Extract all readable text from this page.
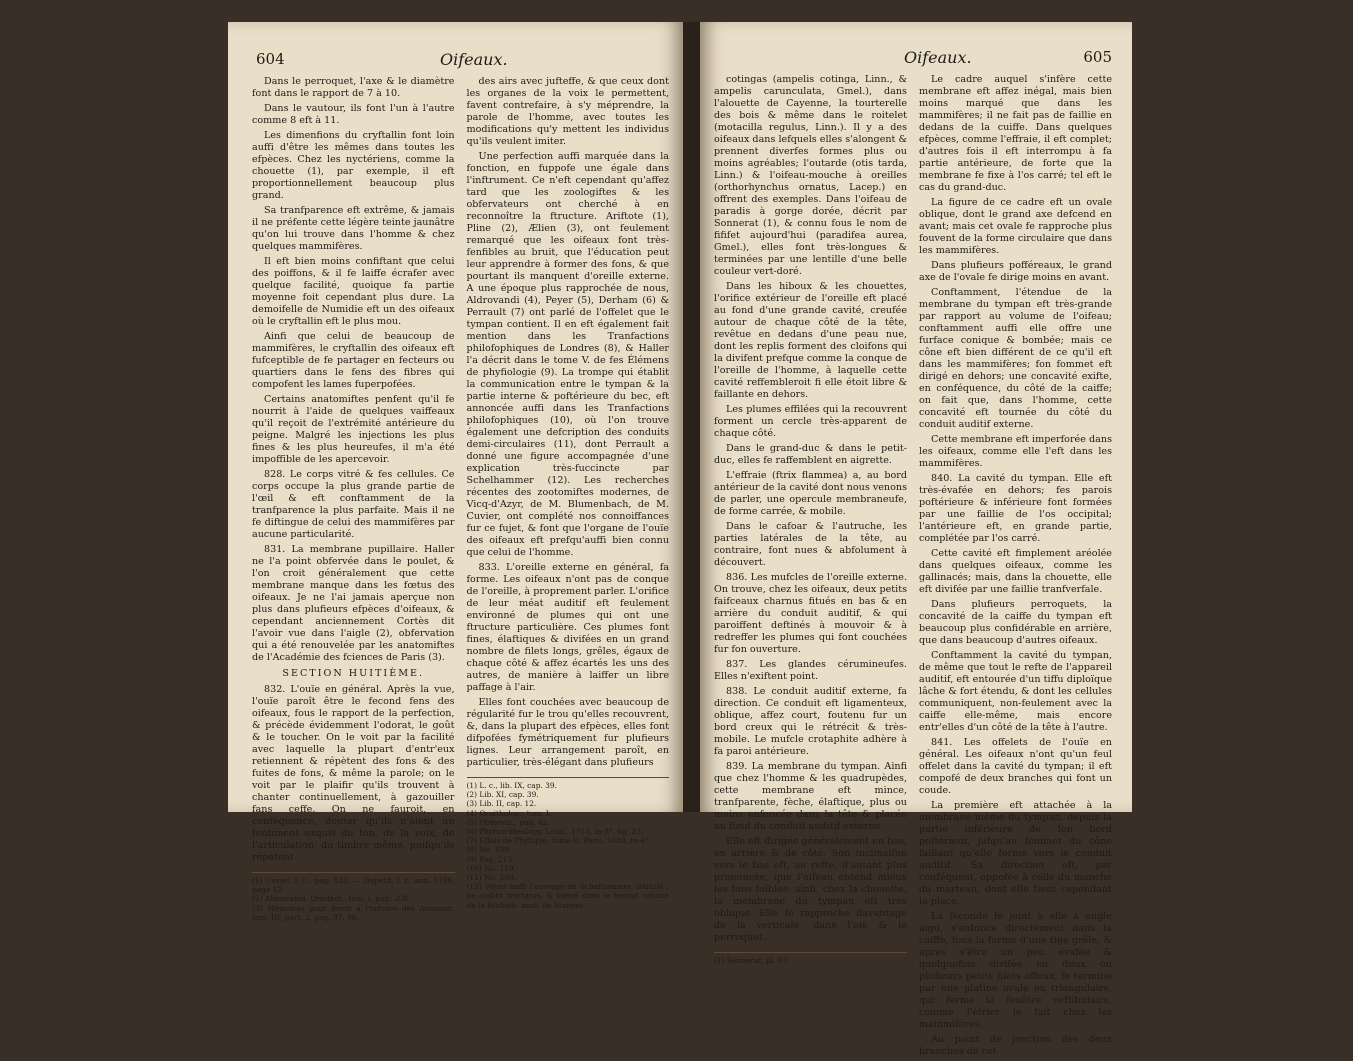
604	Oifeaux.

Dans le perroquet, l'axe & le diamètre font dans le rapport de 7 à 10.

Dans le vautour, ils font l'un à l'autre comme 8 eft à 11.

Les dimenfions du cryftallin font loin auffi d'être les mêmes dans toutes les efpèces. Chez les nyctériens, comme la chouette (1), par exemple, il eft proportionnellement beaucoup plus grand.

Sa tranfparence eft extrême, & jamais il ne préfente cette légère teinte jaunâtre qu'on lui trouve dans l'homme & chez quelques mammifères.

Il eft bien moins confiftant que celui des poiffons, & il fe laiffe écrafer avec quelque facilité, quoique fa partie moyenne foit cependant plus dure. La demoifelle de Numidie eft un des oifeaux où le cryftallin eft le plus mou.

Ainfi que celui de beaucoup de mammifères, le cryftallin des oifeaux eft fufceptible de fe partager en fecteurs ou quartiers dans le fens des fibres qui compofent les lames fuperpofées.

Certains anatomiftes penfent qu'il fe nourrit à l'aide de quelques vaiffeaux qu'il reçoit de l'extrémité antérieure du peigne. Malgré les injections les plus fines & les plus heureufes, il m'a été impoffible de les apercevoir.

828. Le corps vitré & fes cellules. Ce corps occupe la plus grande partie de l'œil & eft conftamment de la tranfparence la plus parfaite. Mais il ne fe diftingue de celui des mammifères par aucune particularité.

831. La membrane pupillaire. Haller ne l'a point obfervée dans le poulet, & l'on croit généralement que cette membrane manque dans les fœtus des oifeaux. Je ne l'ai jamais aperçue non plus dans plufieurs efpèces d'oifeaux, & cependant anciennement Cortès dit l'avoir vue dans l'aigle (2), obfervation qui a été renouvelée par les anatomiftes de l'Académie des fciences de Paris (3).

SECTION HUITIÈME.

832. L'ouïe en général. Après la vue, l'ouïe paroît être le fecond fens des oifeaux, fous le rapport de la perfection, & précède évidemment l'odorat, le goût & le toucher. On le voit par la facilité avec laquelle la plupart d'entr'eux retiennent & répètent des fons & des fuites de fons, & même la parole; on le voit par le plaifir qu'ils trouvent à chanter continuellement, à gazouiller fans ceffe. On ne fauroit, en conféquence, douter qu'ils n'aient un fentiment exquis du ton, de la voix, de l'articulation, du timbre même, puifqu'ils répètent

(1) Cuvier, l. c., pag. 130. — Dupetit, l. c. ann. 1730, page 12.
(2) Aldrovandi, Ornithol., tom. I, pag. 208.
(3) Mémoires pour fervir à l'hiftoire des Animaux, tom. III, part. 2, pag. 97, 98.

des airs avec jufteffe, & que ceux dont les organes de la voix le permettent, favent contrefaire, à s'y méprendre, la parole de l'homme, avec toutes les modifications qu'y mettent les individus qu'ils veulent imiter.

Une perfection auffi marquée dans la fonction, en fuppofe une égale dans l'inftrument. Ce n'eft cependant qu'affez tard que les zoologiftes & les obfervateurs ont cherché à en reconnoître la ftructure. Ariftote (1), Pline (2), Ælien (3), ont feulement remarqué que les oifeaux font très-fenfibles au bruit, que l'éducation peut leur apprendre à former des fons, & que pourtant ils manquent d'oreille externe. A une époque plus rapprochée de nous, Aldrovandi (4), Peyer (5), Derham (6) & Perrault (7) ont parlé de l'offelet que le tympan contient. Il en eft également fait mention dans les Tranfactions philofophiques de Londres (8), & Haller l'a décrit dans le tome V. de fes Élémens de phyfiologie (9). La trompe qui établit la communication entre le tympan & la partie interne & poftérieure du bec, eft annoncée auffi dans les Tranfactions philofophiques (10), où l'on trouve également une defcription des conduits demi-circulaires (11), dont Perrault a donné une figure accompagnée d'une explication très-fuccincte par Schelhammer (12). Les recherches récentes des zootomiftes modernes, de Vicq-d'Azyr, de M. Blumenbach, de M. Cuvier, ont complété nos connoiffances fur ce fujet, & font que l'organe de l'ouïe des oifeaux eft prefqu'auffi bien connu que celui de l'homme.

833. L'oreille externe en général, fa forme. Les oifeaux n'ont pas de conque de l'oreille, à proprement parler. L'orifice de leur méat auditif eft feulement environné de plumes qui ont une ftructure particulière. Ces plumes font fines, élaftiques & divifées en un grand nombre de filets longs, grêles, égaux de chaque côté & affez écartés les uns des autres, de manière à laiffer un libre paffage à l'air.

Elles font couchées avec beaucoup de régularité fur le trou qu'elles recouvrent, &, dans la plupart des efpèces, elles font difpofées fymétriquement fur plufieurs lignes. Leur arrangement paroît, en particulier, très-élégant dans plufieurs

(1) L. c., lib. IX, cap. 39.
(2) Lib. XI, cap. 39.
(3) Lib. II, cap. 12.
(4) Ornitholog., tom. I.
(5) Obfervat., pag. 42.
(6) Phyfico-theology, Lond., 1713, in-8°. fig. 23.
(7) Effais de Phyfique, tome II, Paris, 1680, in-4°.
(8) No. 199.
(9) Pag. 213.
(10) No. 119.
(11) No. 299.
(12) Voyez auffi l'ouvrage de Schelhammer, intitulé : de auditu tractatus, & inféré dans le fecond volume de la Biblioth. anat. de Manget.
Oifeaux.	605

cotingas (ampelis cotinga, Linn., & ampelis carunculata, Gmel.), dans l'alouette de Cayenne, la tourterelle des bois & même dans le roitelet (motacilla regulus, Linn.). Il y a des oifeaux dans lefquels elles s'alongent & prennent diverfes formes plus ou moins agréables; l'outarde (otis tarda, Linn.) & l'oifeau-mouche à oreilles (orthorhynchus ornatus, Lacep.) en offrent des exemples. Dans l'oifeau de paradis à gorge dorée, décrit par Sonnerat (1), & connu fous le nom de fififet aujourd'hui (paradifea aurea, Gmel.), elles font très-longues & terminées par une lentille d'une belle couleur vert-doré.

Dans les hiboux & les chouettes, l'orifice extérieur de l'oreille eft placé au fond d'une grande cavité, creufée autour de chaque côté de la tête, revêtue en dedans d'une peau nue, dont les replis forment des cloifons qui la divifent prefque comme la conque de l'oreille de l'homme, à laquelle cette cavité reffembleroit fi elle étoit libre & faillante en dehors.

Les plumes effilées qui la recouvrent forment un cercle très-apparent de chaque côté.

Dans le grand-duc & dans le petit-duc, elles fe raffemblent en aigrette.

L'effraie (ftrix flammea) a, au bord antérieur de la cavité dont nous venons de parler, une opercule membraneufe, de forme carrée, & mobile.

Dans le cafoar & l'autruche, les parties latérales de la tête, au contraire, font nues & abfolument à découvert.

836. Les mufcles de l'oreille externe. On trouve, chez les oifeaux, deux petits faifceaux charnus fitués en bas & en arrière du conduit auditif, & qui paroiffent deftinés à mouvoir & à redreffer les plumes qui font couchées fur fon ouverture.

837. Les glandes cérumineufes. Elles n'exiftent point.

838. Le conduit auditif externe, fa direction. Ce conduit eft ligamenteux, oblique, affez court, foutenu fur un bord creux qui le rétrécit & très-mobile. Le mufcle crotaphite adhère à fa paroi antérieure.

839. La membrane du tympan. Ainfi que chez l'homme & les quadrupèdes, cette membrane eft mince, tranfparente, fèche, élaftique, plus ou moins enfoncée dans la tête & placée au fond du conduit auditif externe.

Elle eft dirigée généralement en bas, en arrière & de côté. Son inclinaifon vers le bas eft, au refte, d'autant plus prononcée, que l'oifeau entend mieux les fons foibles; ainfi, chez la chouette, la membrane du tympan eft très oblique. Elle fe rapproche davantage de la verticale, dans l'oie & le perroquet.

(1) Sonnerat, pl. 97.

Le cadre auquel s'infère cette membrane eft affez inégal, mais bien moins marqué que dans les mammifères; il ne fait pas de faillie en dedans de la cuiffe. Dans quelques efpèces, comme l'effraie, il eft complet; d'autres fois il eft interrompu à fa partie antérieure, de forte que la membrane fe fixe à l'os carré; tel eft le cas du grand-duc.

La figure de ce cadre eft un ovale oblique, dont le grand axe defcend en avant; mais cet ovale fe rapproche plus fouvent de la forme circulaire que dans les mammifères.

Dans plufieurs pofféreaux, le grand axe de l'ovale fe dirige moins en avant.

Conftamment, l'étendue de la membrane du tympan eft très-grande par rapport au volume de l'oifeau; conftamment auffi elle offre une furface conique & bombée; mais ce cône eft bien différent de ce qu'il eft dans les mammifères; fon fommet eft dirigé en dehors; une concavité exifte, en conféquence, du côté de la caiffe; on fait que, dans l'homme, cette concavité eft tournée du côté du conduit auditif externe.

Cette membrane eft imperforée dans les oifeaux, comme elle l'eft dans les mammifères.

840. La cavité du tympan. Elle eft très-évafée en dehors; fes parois poftérieure & inférieure font formées par une faillie de l'os occipital; l'antérieure eft, en grande partie, complétée par l'os carré.

Cette cavité eft fimplement aréolée dans quelques oifeaux, comme les gallinacés; mais, dans la chouette, elle eft divifée par une faillie tranfverfale.

Dans plufieurs perroquets, la concavité de la caiffe du tympan eft beaucoup plus confidérable en arrière, que dans beaucoup d'autres oifeaux.

Conftamment la cavité du tympan, de même que tout le refte de l'appareil auditif, eft entourée d'un tiffu diploïque lâche & fort étendu, & dont les cellules communiquent, non-feulement avec la caiffe elle-même, mais encore entr'elles d'un côté de la tête à l'autre.

841. Les offelets de l'ouïe en général. Les oifeaux n'ont qu'un feul offelet dans la cavité du tympan; il eft compofé de deux branches qui font un coude.

La première eft attachée à la membrane même du tympan, depuis la partie inférieure de fon bord poftérieur, jufqu'au fommet du cône faillant qu'elle forme vers le conduit auditif. Sa direction eft, par conféquent, oppofée à celle du manche du marteau, dont elle tient cependant la place.

La feconde fe joint à elle à angle aigu, s'enfonce directement dans la caiffe, fous la forme d'une tige grêle, & après s'être un peu évafée & quelquefois divifée en deux ou plufieurs petits filets offeux, fe termine par une platine ovale ou triangulaire, qui ferme la fenêtre veftibulaire, comme l'étrier le fait chez les mammifères.

Au point de jonction des deux branches de cet
